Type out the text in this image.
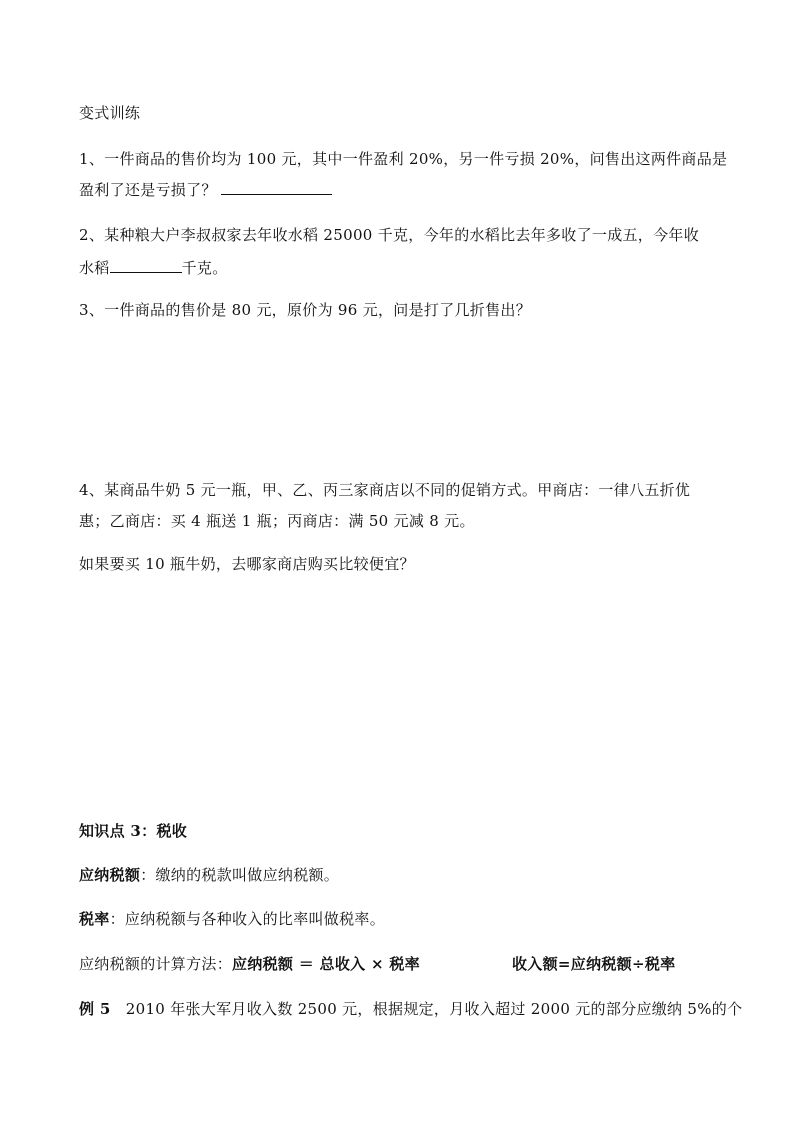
变式训练
1、一件商品的售价均为 100 元，其中一件盈利 20%，另一件亏损 20%，问售出这两件商品是
盈利了还是亏损了？
2、某种粮大户李叔叔家去年收水稻 25000 千克，今年的水稻比去年多收了一成五，今年收
水稻	千克。
3、一件商品的售价是 80 元，原价为 96 元，问是打了几折售出？
4、某商品牛奶 5 元一瓶，甲、乙、丙三家商店以不同的促销方式。甲商店：一律八五折优
惠；乙商店：买 4 瓶送 1 瓶；丙商店：满 50 元减 8 元。
如果要买 10 瓶牛奶，去哪家商店购买比较便宜？
知识点 3：税收
应纳税额：缴纳的税款叫做应纳税额。
税率：应纳税额与各种收入的比率叫做税率。
应纳税额的计算方法：应纳税额 ＝ 总收入 × 税率	收入额=应纳税额÷税率
例 5 2010 年张大军月收入数 2500 元，根据规定，月收入超过 2000 元的部分应缴纳 5%的个
